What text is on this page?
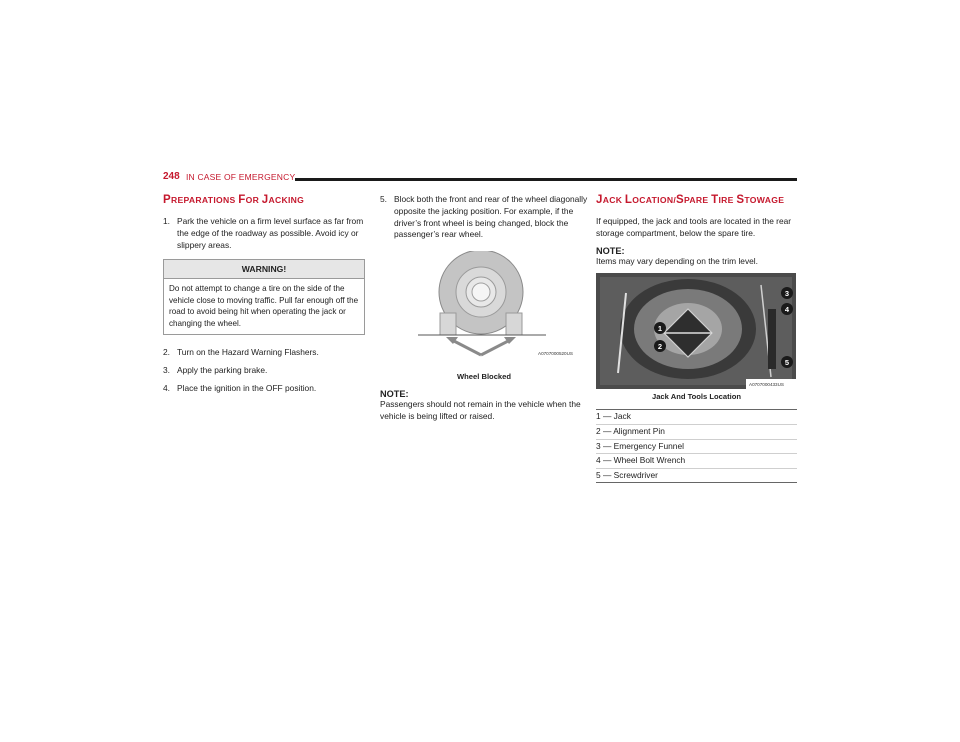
248 IN CASE OF EMERGENCY
PREPARATIONS FOR JACKING
1. Park the vehicle on a firm level surface as far from the edge of the roadway as possible. Avoid icy or slippery areas.
WARNING!
Do not attempt to change a tire on the side of the vehicle close to moving traffic. Pull far enough off the road to avoid being hit when operating the jack or changing the wheel.
2. Turn on the Hazard Warning Flashers.
3. Apply the parking brake.
4. Place the ignition in the OFF position.
5. Block both the front and rear of the wheel diagonally opposite the jacking position. For example, if the driver’s front wheel is being changed, block the passenger’s rear wheel.
A0707000520US
Wheel Blocked
NOTE:
Passengers should not remain in the vehicle when the vehicle is being lifted or raised.
JACK LOCATION/SPARE TIRE STOWAGE
If equipped, the jack and tools are located in the rear storage compartment, below the spare tire.
NOTE:
Items may vary depending on the trim level.
1
2
3
4
5
A0707000433US
Jack And Tools Location
1 — Jack
2 — Alignment Pin
3 — Emergency Funnel
4 — Wheel Bolt Wrench
5 — Screwdriver
